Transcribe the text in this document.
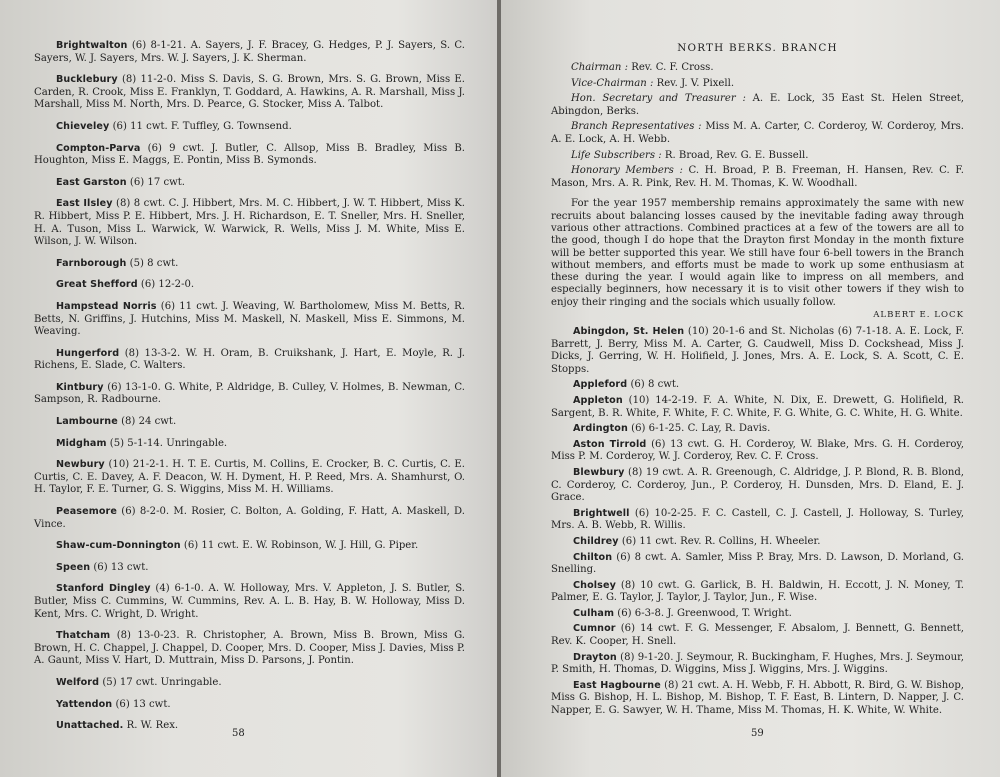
Brightwalton (6) 8-1-21. A. Sayers, J. F. Bracey, G. Hedges, P. J. Sayers, S. C. Sayers, W. J. Sayers, Mrs. W. J. Sayers, J. K. Sherman.

Bucklebury (8) 11-2-0. Miss S. Davis, S. G. Brown, Mrs. S. G. Brown, Miss E. Carden, R. Crook, Miss E. Franklyn, T. Goddard, A. Hawkins, A. R. Marshall, Miss J. Marshall, Miss M. North, Mrs. D. Pearce, G. Stocker, Miss A. Talbot.

Chieveley (6) 11 cwt. F. Tuffley, G. Townsend.

Compton-Parva (6) 9 cwt. J. Butler, C. Allsop, Miss B. Bradley, Miss B. Houghton, Miss E. Maggs, E. Pontin, Miss B. Symonds.

East Garston (6) 17 cwt.

East Ilsley (8) 8 cwt. C. J. Hibbert, Mrs. M. C. Hibbert, J. W. T. Hibbert, Miss K. R. Hibbert, Miss P. E. Hibbert, Mrs. J. H. Richardson, E. T. Sneller, Mrs. H. Sneller, H. A. Tuson, Miss L. Warwick, W. Warwick, R. Wells, Miss J. M. White, Miss E. Wilson, J. W. Wilson.

Farnborough (5) 8 cwt.

Great Shefford (6) 12-2-0.

Hampstead Norris (6) 11 cwt. J. Weaving, W. Bartholomew, Miss M. Betts, R. Betts, N. Griffins, J. Hutchins, Miss M. Maskell, N. Maskell, Miss E. Simmons, M. Weaving.

Hungerford (8) 13-3-2. W. H. Oram, B. Cruikshank, J. Hart, E. Moyle, R. J. Richens, E. Slade, C. Walters.

Kintbury (6) 13-1-0. G. White, P. Aldridge, B. Culley, V. Holmes, B. Newman, C. Sampson, R. Radbourne.

Lambourne (8) 24 cwt.

Midgham (5) 5-1-14. Unringable.

Newbury (10) 21-2-1. H. T. E. Curtis, M. Collins, E. Crocker, B. C. Curtis, C. E. Curtis, C. E. Davey, A. F. Deacon, W. H. Dyment, H. P. Reed, Mrs. A. Shamhurst, O. H. Taylor, F. E. Turner, G. S. Wiggins, Miss M. H. Williams.

Peasemore (6) 8-2-0. M. Rosier, C. Bolton, A. Golding, F. Hatt, A. Maskell, D. Vince.

Shaw-cum-Donnington (6) 11 cwt. E. W. Robinson, W. J. Hill, G. Piper.

Speen (6) 13 cwt.

Stanford Dingley (4) 6-1-0. A. W. Holloway, Mrs. V. Appleton, J. S. Butler, S. Butler, Miss C. Cummins, W. Cummins, Rev. A. L. B. Hay, B. W. Holloway, Miss D. Kent, Mrs. C. Wright, D. Wright.

Thatcham (8) 13-0-23. R. Christopher, A. Brown, Miss B. Brown, Miss G. Brown, H. C. Chappel, J. Chappel, D. Cooper, Mrs. D. Cooper, Miss J. Davies, Miss P. A. Gaunt, Miss V. Hart, D. Muttrain, Miss D. Parsons, J. Pontin.

Welford (5) 17 cwt. Unringable.

Yattendon (6) 13 cwt.

Unattached. R. W. Rex.

58
NORTH BERKS. BRANCH

Chairman : Rev. C. F. Cross.

Vice-Chairman : Rev. J. V. Pixell.

Hon. Secretary and Treasurer : A. E. Lock, 35 East St. Helen Street, Abingdon, Berks.

Branch Representatives : Miss M. A. Carter, C. Corderoy, W. Corderoy, Mrs. A. E. Lock, A. H. Webb.

Life Subscribers : R. Broad, Rev. G. E. Bussell.

Honorary Members : C. H. Broad, P. B. Freeman, H. Hansen, Rev. C. F. Mason, Mrs. A. R. Pink, Rev. H. M. Thomas, K. W. Woodhall.

For the year 1957 membership remains approximately the same with new recruits about balancing losses caused by the inevitable fading away through various other attractions. Combined practices at a few of the towers are all to the good, though I do hope that the Drayton first Monday in the month fixture will be better supported this year. We still have four 6-bell towers in the Branch without members, and efforts must be made to work up some enthusiasm at these during the year. I would again like to impress on all members, and especially beginners, how necessary it is to visit other towers if they wish to enjoy their ringing and the socials which usually follow.

ALBERT E. LOCK

Abingdon, St. Helen (10) 20-1-6 and St. Nicholas (6) 7-1-18. A. E. Lock, F. Barrett, J. Berry, Miss M. A. Carter, G. Caudwell, Miss D. Cockshead, Miss J. Dicks, J. Gerring, W. H. Holifield, J. Jones, Mrs. A. E. Lock, S. A. Scott, C. E. Stopps.

Appleford (6) 8 cwt.

Appleton (10) 14-2-19. F. A. White, N. Dix, E. Drewett, G. Holifield, R. Sargent, B. R. White, F. White, F. C. White, F. G. White, G. C. White, H. G. White.

Ardington (6) 6-1-25. C. Lay, R. Davis.

Aston Tirrold (6) 13 cwt. G. H. Corderoy, W. Blake, Mrs. G. H. Corderoy, Miss P. M. Corderoy, W. J. Corderoy, Rev. C. F. Cross.

Blewbury (8) 19 cwt. A. R. Greenough, C. Aldridge, J. P. Blond, R. B. Blond, C. Corderoy, C. Corderoy, Jun., P. Corderoy, H. Dunsden, Mrs. D. Eland, E. J. Grace.

Brightwell (6) 10-2-25. F. C. Castell, C. J. Castell, J. Holloway, S. Turley, Mrs. A. B. Webb, R. Willis.

Childrey (6) 11 cwt. Rev. R. Collins, H. Wheeler.

Chilton (6) 8 cwt. A. Samler, Miss P. Bray, Mrs. D. Lawson, D. Morland, G. Snelling.

Cholsey (8) 10 cwt. G. Garlick, B. H. Baldwin, H. Eccott, J. N. Money, T. Palmer, E. G. Taylor, J. Taylor, J. Taylor, Jun., F. Wise.

Culham (6) 6-3-8. J. Greenwood, T. Wright.

Cumnor (6) 14 cwt. F. G. Messenger, F. Absalom, J. Bennett, G. Bennett, Rev. K. Cooper, H. Snell.

Drayton (8) 9-1-20. J. Seymour, R. Buckingham, F. Hughes, Mrs. J. Seymour, P. Smith, H. Thomas, D. Wiggins, Miss J. Wiggins, Mrs. J. Wiggins.

East Hagbourne (8) 21 cwt. A. H. Webb, F. H. Abbott, R. Bird, G. W. Bishop, Miss G. Bishop, H. L. Bishop, M. Bishop, T. F. East, B. Lintern, D. Napper, J. C. Napper, E. G. Sawyer, W. H. Thame, Miss M. Thomas, H. K. White, W. White.

59
